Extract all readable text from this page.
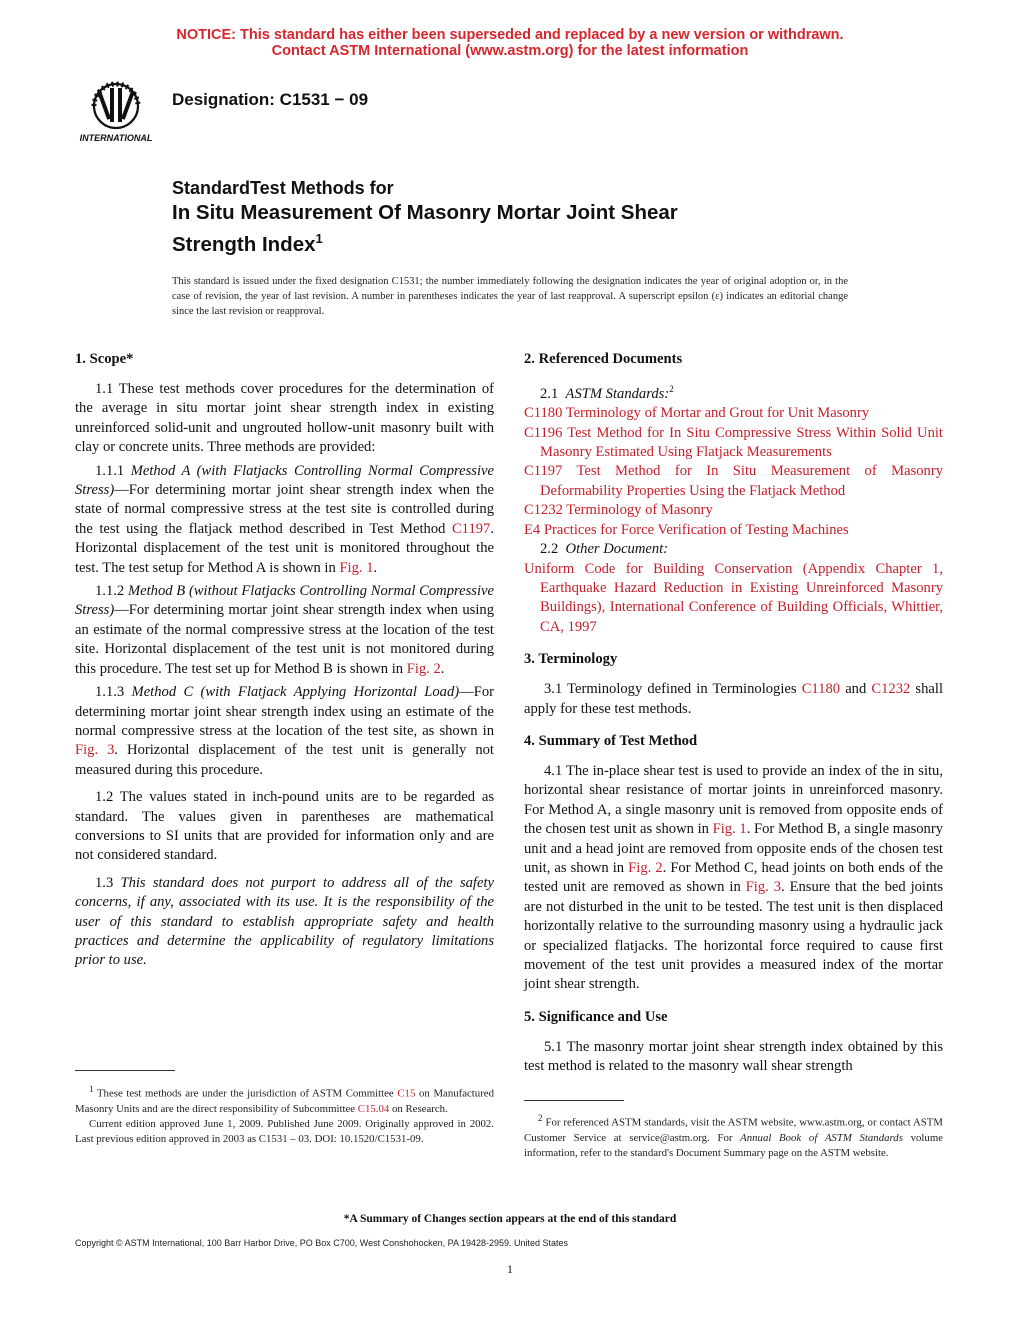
NOTICE: This standard has either been superseded and replaced by a new version or withdrawn.
Contact ASTM International (www.astm.org) for the latest information
INTERNATIONAL
Designation: C1531 − 09
StandardTest Methods for
In Situ Measurement Of Masonry Mortar Joint Shear
Strength Index$^1$
This standard is issued under the fixed designation C1531; the number immediately following the designation indicates the year of original adoption or, in the case of revision, the year of last revision. A number in parentheses indicates the year of last reapproval. A superscript epsilon (ε) indicates an editorial change since the last revision or reapproval.
1. Scope*

1.1 These test methods cover procedures for the determination of the average in situ mortar joint shear strength index in existing unreinforced solid-unit and ungrouted hollow-unit masonry built with clay or concrete units. Three methods are provided:

1.1.1 Method A (with Flatjacks Controlling Normal Compressive Stress)—For determining mortar joint shear strength index when the state of normal compressive stress at the test site is controlled during the test using the flatjack method described in Test Method C1197. Horizontal displacement of the test unit is monitored throughout the test. The test setup for Method A is shown in Fig. 1.

1.1.2 Method B (without Flatjacks Controlling Normal Compressive Stress)—For determining mortar joint shear strength index when using an estimate of the normal compressive stress at the location of the test site. Horizontal displacement of the test unit is not monitored during this procedure. The test set up for Method B is shown in Fig. 2.

1.1.3 Method C (with Flatjack Applying Horizontal Load)—For determining mortar joint shear strength index using an estimate of the normal compressive stress at the location of the test site, as shown in Fig. 3. Horizontal displacement of the test unit is generally not measured during this procedure.

1.2 The values stated in inch-pound units are to be regarded as standard. The values given in parentheses are mathematical conversions to SI units that are provided for information only and are not considered standard.

1.3 This standard does not purport to address all of the safety concerns, if any, associated with its use. It is the responsibility of the user of this standard to establish appropriate safety and health practices and determine the applicability of regulatory limitations prior to use.

$^1$ These test methods are under the jurisdiction of ASTM Committee C15 on Manufactured Masonry Units and are the direct responsibility of Subcommittee C15.04 on Research.

Current edition approved June 1, 2009. Published June 2009. Originally approved in 2002. Last previous edition approved in 2003 as C1531 – 03. DOI: 10.1520/C1531-09.

2. Referenced Documents

2.1 ASTM Standards:$^2$

C1180 Terminology of Mortar and Grout for Unit Masonry

C1196 Test Method for In Situ Compressive Stress Within Solid Unit Masonry Estimated Using Flatjack Measurements

C1197 Test Method for In Situ Measurement of Masonry Deformability Properties Using the Flatjack Method

C1232 Terminology of Masonry

E4 Practices for Force Verification of Testing Machines

2.2 Other Document:

Uniform Code for Building Conservation (Appendix Chapter 1, Earthquake Hazard Reduction in Existing Unreinforced Masonry Buildings), International Conference of Building Officials, Whittier, CA, 1997

3. Terminology

3.1 Terminology defined in Terminologies C1180 and C1232 shall apply for these test methods.

4. Summary of Test Method

4.1 The in-place shear test is used to provide an index of the in situ, horizontal shear resistance of mortar joints in unreinforced masonry. For Method A, a single masonry unit is removed from opposite ends of the chosen test unit as shown in Fig. 1. For Method B, a single masonry unit and a head joint are removed from opposite ends of the chosen test unit, as shown in Fig. 2. For Method C, head joints on both ends of the tested unit are removed as shown in Fig. 3. Ensure that the bed joints are not disturbed in the unit to be tested. The test unit is then displaced horizontally relative to the surrounding masonry using a hydraulic jack or specialized flatjacks. The horizontal force required to cause first movement of the test unit provides a measured index of the mortar joint shear strength.

5. Significance and Use

5.1 The masonry mortar joint shear strength index obtained by this test method is related to the masonry wall shear strength

$^2$ For referenced ASTM standards, visit the ASTM website, www.astm.org, or contact ASTM Customer Service at service@astm.org. For Annual Book of ASTM Standards volume information, refer to the standard's Document Summary page on the ASTM website.

*A Summary of Changes section appears at the end of this standard
Copyright © ASTM International, 100 Barr Harbor Drive, PO Box C700, West Conshohocken, PA 19428-2959. United States
1
